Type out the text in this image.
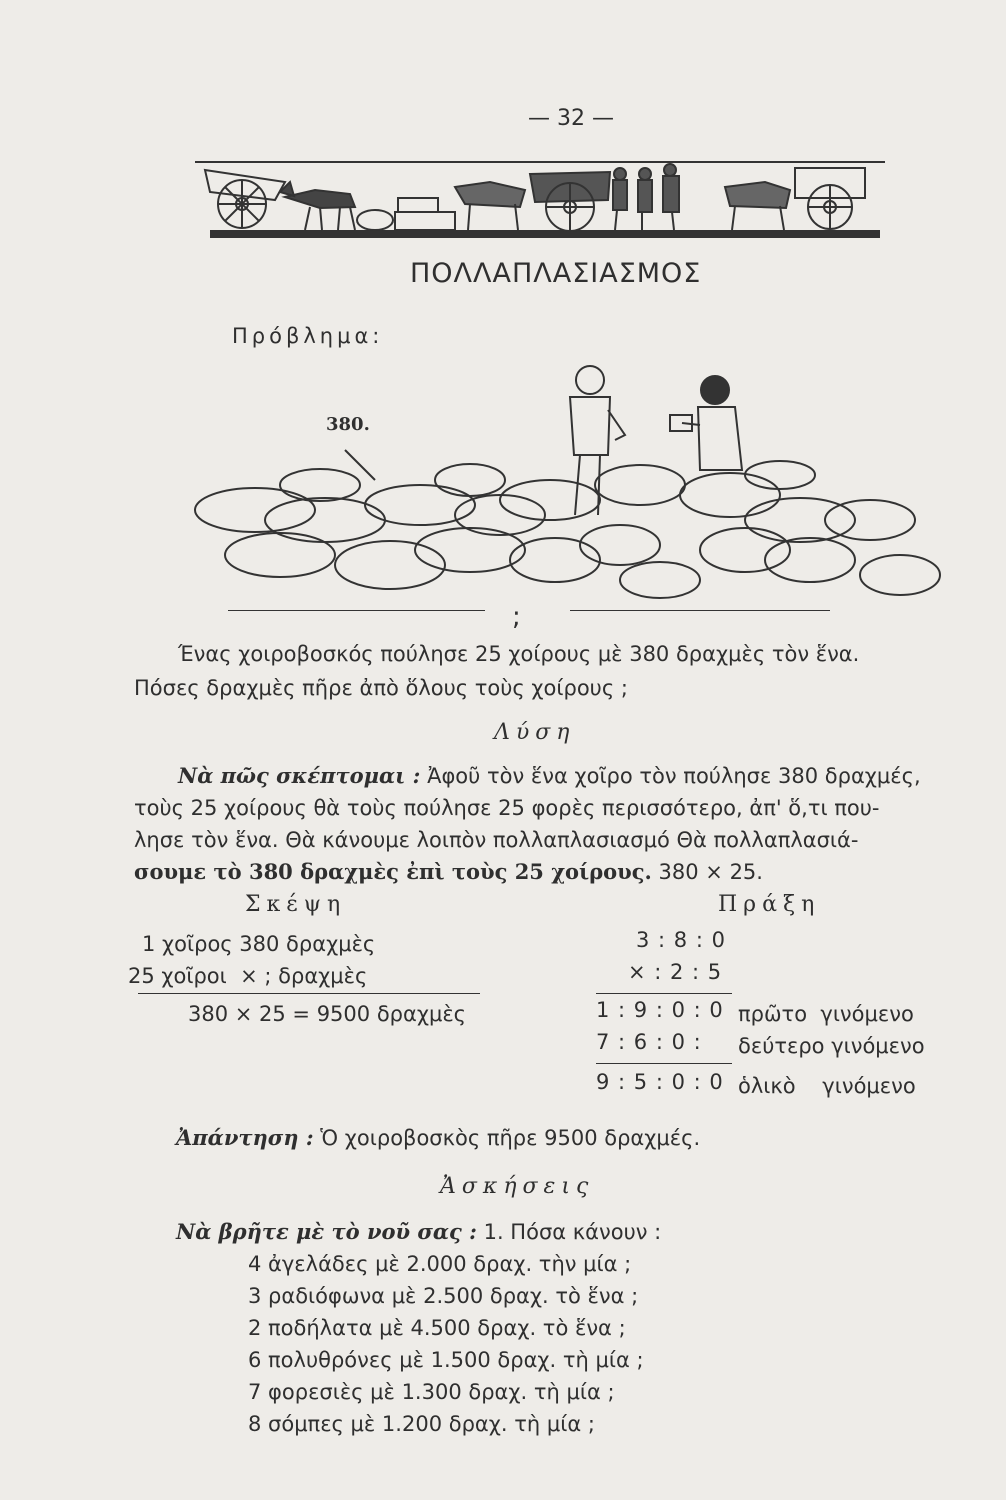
— 32 —
ΠΟΛΛΑΠΛΑΣΙΑΣΜΟΣ
Πρόβλημα:
380.
;
Ένας χοιροβοσκός πούλησε 25 χοίρους μὲ 380 δραχμὲς τὸν ἕνα.
Πόσες δραχμὲς πῆρε ἀπὸ ὅλους τοὺς χοίρους ;
Λύση
Νὰ πῶς σκέπτομαι : Ἀφοῦ τὸν ἕνα χοῖρο τὸν πούλησε 380 δραχμές,
τοὺς 25 χοίρους θὰ τοὺς πούλησε 25 φορὲς περισσότερο, ἀπ' ὅ,τι που-
λησε τὸν ἕνα. Θὰ κάνουμε λοιπὸν πολλαπλασιασμό Θὰ πολλαπλασιά-
σουμε τὸ 380 δραχμὲς ἐπὶ τοὺς 25 χοίρους. 380 × 25.
Σκέψη
1 χοῖρος 380 δραχμὲς
25 χοῖροι  × ; δραχμὲς
380 × 25 = 9500 δραχμὲς
Πράξη
3 : 8 : 0
× : 2 : 5
1 : 9 : 0 : 0 πρῶτο  γινόμενο
7 : 6 : 0 : δεύτερο γινόμενο
9 : 5 : 0 : 0 ὁλικὸ    γινόμενο
Ἀπάντηση : Ὁ χοιροβοσκὸς πῆρε 9500 δραχμές.
Ἀσκήσεις
Νὰ βρῆτε μὲ τὸ νοῦ σας : 1. Πόσα κάνουν :
4 ἀγελάδες μὲ 2.000 δραχ. τὴν μία ;
3 ραδιόφωνα μὲ 2.500 δραχ. τὸ ἕνα ;
2 ποδήλατα μὲ 4.500 δραχ. τὸ ἕνα ;
6 πολυθρόνες μὲ 1.500 δραχ. τὴ μία ;
7 φορεσιὲς μὲ 1.300 δραχ. τὴ μία ;
8 σόμπες μὲ 1.200 δραχ. τὴ μία ;
